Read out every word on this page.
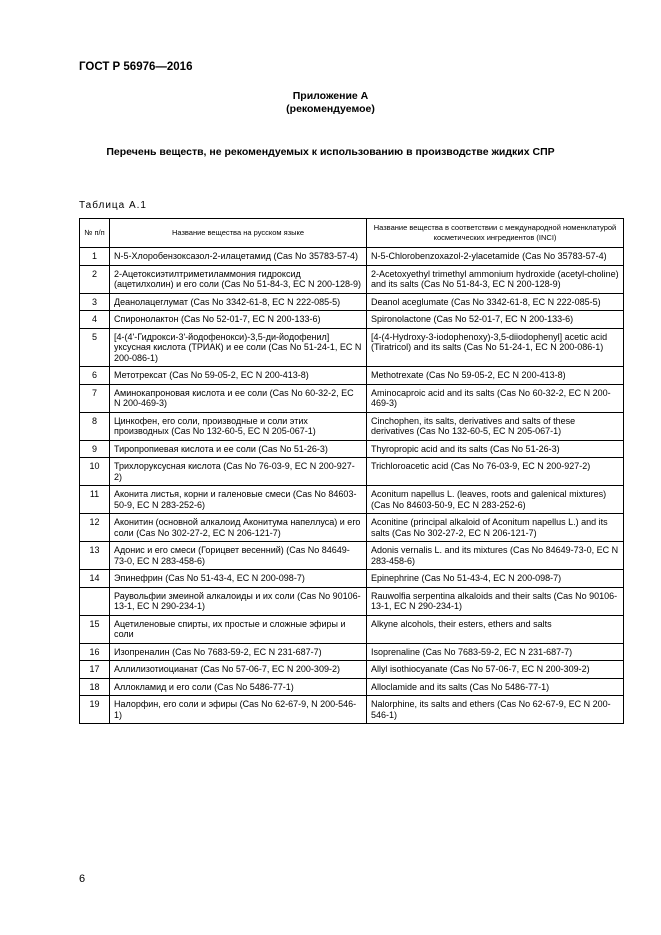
ГОСТ Р 56976—2016
Приложение А
(рекомендуемое)
Перечень веществ, не рекомендуемых к использованию в производстве жидких СПР
Таблица А.1
№ п/п	Название вещества на русском языке	Название вещества в соответствии с международной номенклатурой косметических ингредиентов (INCI)
1	N-5-Хлоробензоксазол-2-илацетамид (Cas No 35783-57-4)	N-5-Chlorobenzoxazol-2-ylacetamide (Cas No 35783-57-4)
2	2-Ацетоксиэтилтриметиламмония гидроксид (ацетилхолин) и его соли (Cas No 51-84-3, EC N 200-128-9)	2-Acetoxyethyl trimethyl ammonium hydroxide (acetyl-choline) and its salts (Cas No 51-84-3, EC N 200-128-9)
3	Деанолацеглумат (Cas No 3342-61-8, EC N 222-085-5)	Deanol aceglumate (Cas No 3342-61-8, EC N 222-085-5)
4	Спиронолактон (Cas No 52-01-7, EC N 200-133-6)	Spironolactone (Cas No 52-01-7, EC N 200-133-6)
5	[4-(4'-Гидрокси-3'-йодофенокси)-3,5-ди-йодофенил] уксусная кислота (ТРИАК) и ее соли (Cas No 51-24-1, EC N 200-086-1)	[4-(4-Hydroxy-3-iodophenoxy)-3,5-diiodophenyl] acetic acid (Tiratricol) and its salts (Cas No 51-24-1, EC N 200-086-1)
6	Метотрексат (Cas No 59-05-2, EC N 200-413-8)	Methotrexate (Cas No 59-05-2, EC N 200-413-8)
7	Аминокапроновая кислота и ее соли (Cas No 60-32-2, EC N 200-469-3)	Aminocaproic acid and its salts (Cas No 60-32-2, EC N 200-469-3)
8	Цинкофен, его соли, производные и соли этих производных (Cas No 132-60-5, EC N 205-067-1)	Cinchophen, its salts, derivatives and salts of these derivatives (Cas No 132-60-5, EC N 205-067-1)
9	Тиропропиевая кислота и ее соли (Cas No 51-26-3)	Thyropropic acid and its salts (Cas No 51-26-3)
10	Трихлоруксусная кислота (Cas No 76-03-9, EC N 200-927-2)	Trichloroacetic acid (Cas No 76-03-9, EC N 200-927-2)
11	Аконита листья, корни и галеновые смеси (Cas No 84603-50-9, EC N 283-252-6)	Aconitum napellus L. (leaves, roots and galenical mixtures) (Cas No 84603-50-9, EC N 283-252-6)
12	Аконитин (основной алкалоид Аконитума напеллуса) и его соли (Cas No 302-27-2, EC N 206-121-7)	Aconitine (principal alkaloid of Aconitum napellus L.) and its salts (Cas No 302-27-2, EC N 206-121-7)
13	Адонис и его смеси (Горицвет весенний) (Cas No 84649-73-0, EC N 283-458-6)	Adonis vernalis L. and its mixtures (Cas No 84649-73-0, EC N 283-458-6)
14	Эпинефрин (Cas No 51-43-4, EC N 200-098-7)	Epinephrine (Cas No 51-43-4, EC N 200-098-7)
	Раувольфии змеиной алкалоиды и их соли (Cas No 90106-13-1, EC N 290-234-1)	Rauwolfia serpentina alkaloids and their salts (Cas No 90106-13-1, EC N 290-234-1)
15	Ацетиленовые спирты, их простые и сложные эфиры и соли	Alkyne alcohols, their esters, ethers and salts
16	Изопреналин (Cas No 7683-59-2, EC N 231-687-7)	Isoprenaline (Cas No 7683-59-2, EC N 231-687-7)
17	Аллилизотиоцианат (Cas No 57-06-7, EC N 200-309-2)	Allyl isothiocyanate (Cas No 57-06-7, EC N 200-309-2)
18	Аллокламид и его соли (Cas No 5486-77-1)	Alloclamide and its salts (Cas No 5486-77-1)
19	Налорфин, его соли и эфиры (Cas No 62-67-9, N 200-546-1)	Nalorphine, its salts and ethers (Cas No 62-67-9, EC N 200-546-1)
6
